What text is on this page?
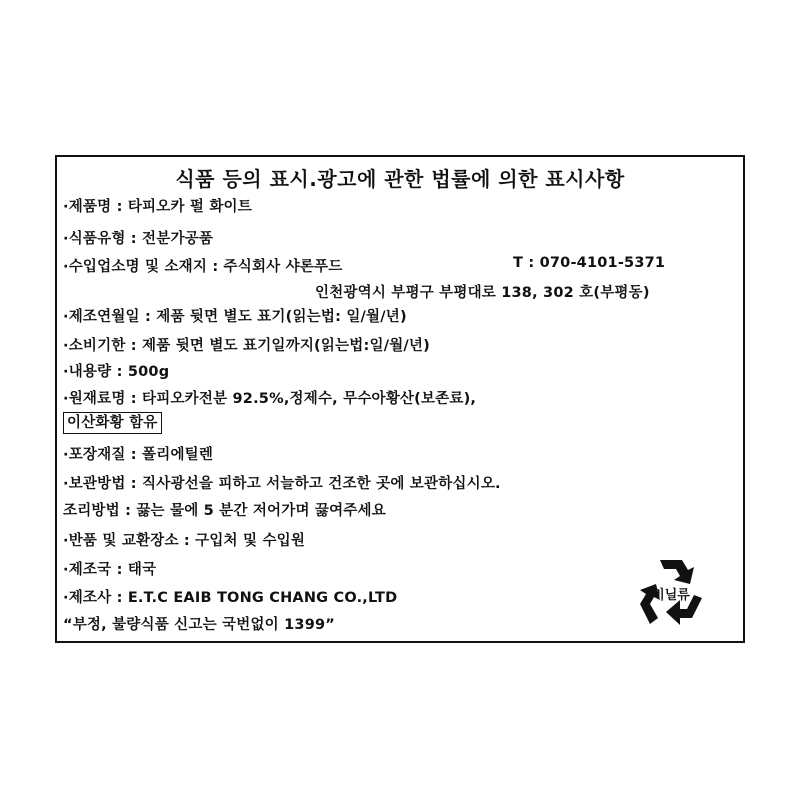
식품 등의 표시.광고에 관한 법률에 의한 표시사항
·제품명 : 타피오카 펄 화이트
·식품유형 : 전분가공품
·수입업소명 및 소재지 : 주식회사 샤론푸드	T : 070-4101-5371
인천광역시 부평구 부평대로 138, 302 호(부평동)
·제조연월일 : 제품 뒷면 별도 표기(읽는법: 일/월/년)
·소비기한 : 제품 뒷면 별도 표기일까지(읽는법:일/월/년)
·내용량 : 500g
·원재료명 : 타피오카전분 92.5%,정제수, 무수아황산(보존료),
이산화황 함유
·포장재질 : 폴리에틸렌
·보관방법 : 직사광선을 피하고 서늘하고 건조한 곳에 보관하십시오.
조리방법 : 끓는 물에 5 분간 저어가며 끓여주세요
·반품 및 교환장소 : 구입처 및 수입원
·제조국 : 태국
·제조사 : E.T.C EAIB TONG CHANG CO.,LTD
“부정, 불량식품 신고는 국번없이 1399”
비닐류
